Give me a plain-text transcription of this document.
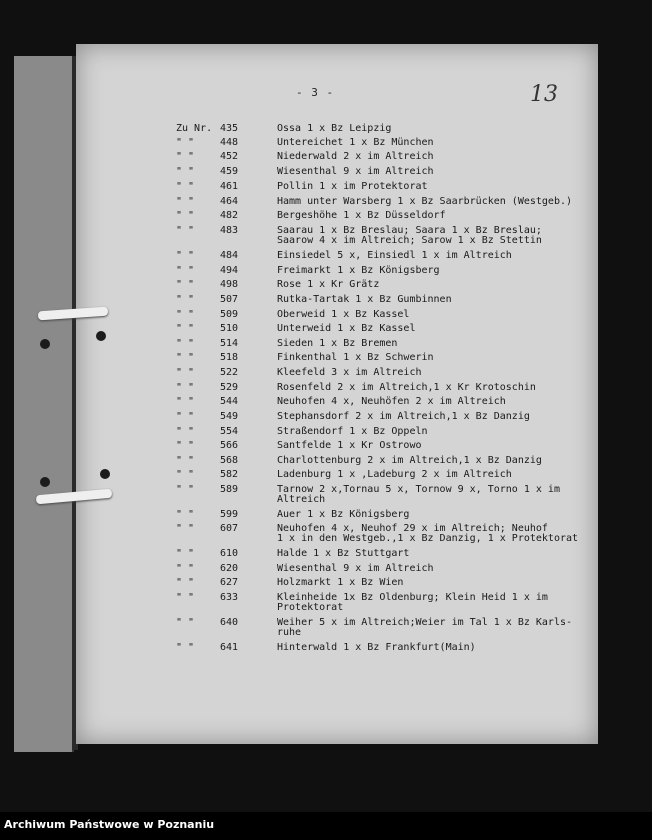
- 3 -	13
Zu Nr. 435	Ossa 1 x Bz Leipzig
" "	448	Untereichet 1 x Bz München
" "	452	Niederwald 2 x im Altreich
" "	459	Wiesenthal 9 x im Altreich
" "	461	Pollin 1 x im Protektorat
" "	464	Hamm unter Warsberg 1 x Bz Saarbrücken (Westgeb.)
" "	482	Bergeshöhe 1 x Bz Düsseldorf
" "	483	Saarau 1 x Bz Breslau; Saara 1 x Bz Breslau;
Saarow 4 x im Altreich; Sarow 1 x Bz Stettin
" "	484	Einsiedel 5 x, Einsiedl 1 x im Altreich
" "	494	Freimarkt 1 x Bz Königsberg
" "	498	Rose 1 x Kr Grätz
" "	507	Rutka-Tartak 1 x Bz Gumbinnen
" "	509	Oberweid 1 x Bz Kassel
" "	510	Unterweid 1 x Bz Kassel
" "	514	Sieden 1 x Bz Bremen
" "	518	Finkenthal 1 x Bz Schwerin
" "	522	Kleefeld 3 x im Altreich
" "	529	Rosenfeld 2 x im Altreich,1 x Kr Krotoschin
" "	544	Neuhofen 4 x, Neuhöfen 2 x im Altreich
" "	549	Stephansdorf 2 x im Altreich,1 x Bz Danzig
" "	554	Straßendorf 1 x Bz Oppeln
" "	566	Santfelde 1 x Kr Ostrowo
" "	568	Charlottenburg 2 x im Altreich,1 x Bz Danzig
" "	582	Ladenburg 1 x ,Ladeburg 2 x im Altreich
" "	589	Tarnow 2 x,Tornau 5 x, Tornow 9 x, Torno 1 x im
Altreich
" "	599	Auer 1 x Bz Königsberg
" "	607	Neuhofen 4 x, Neuhof 29 x im Altreich; Neuhof
1 x in den Westgeb.,1 x Bz Danzig, 1 x Protektorat
" "	610	Halde 1 x Bz Stuttgart
" "	620	Wiesenthal 9 x im Altreich
" "	627	Holzmarkt 1 x Bz Wien
" "	633	Kleinheide 1x Bz Oldenburg; Klein Heid 1 x im
Protektorat
" "	640	Weiher 5 x im Altreich;Weier im Tal 1 x Bz Karls-
ruhe
" "	641	Hinterwald 1 x Bz Frankfurt(Main)
Archiwum Państwowe w Poznaniu
